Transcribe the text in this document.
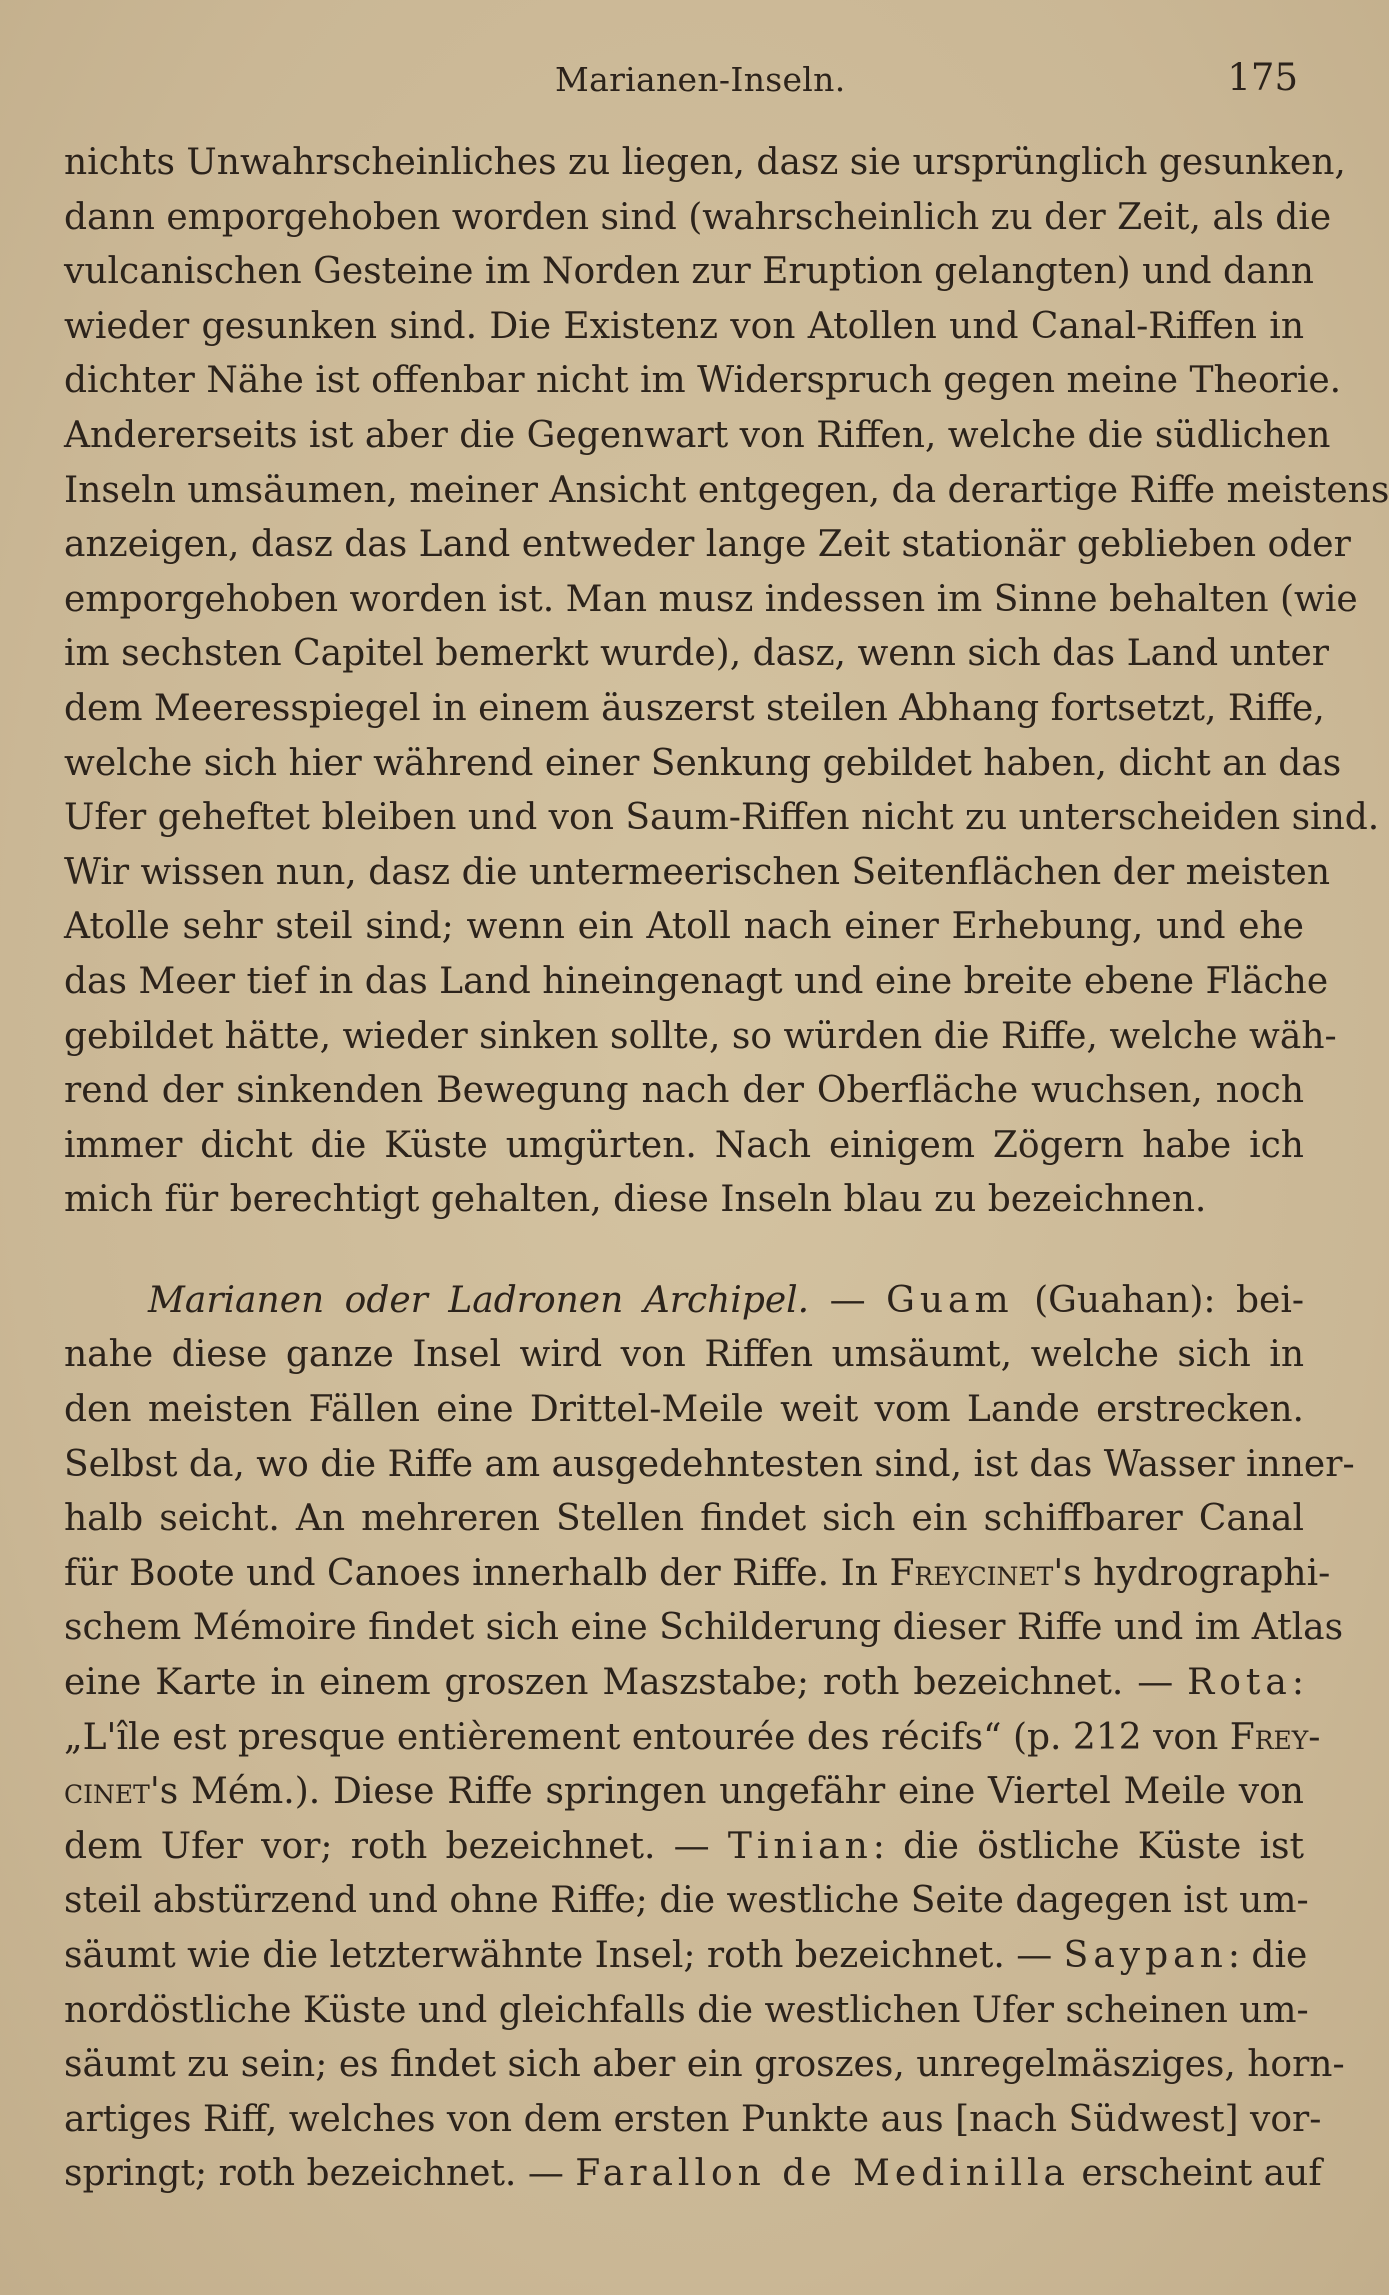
Marianen-Inseln.	175
nichts Unwahrscheinliches zu liegen, dasz sie ursprünglich gesunken,
dann emporgehoben worden sind (wahrscheinlich zu der Zeit, als die
vulcanischen Gesteine im Norden zur Eruption gelangten) und dann
wieder gesunken sind. Die Existenz von Atollen und Canal-Riffen in
dichter Nähe ist offenbar nicht im Widerspruch gegen meine Theorie.
Andererseits ist aber die Gegenwart von Riffen, welche die südlichen
Inseln umsäumen, meiner Ansicht entgegen, da derartige Riffe meistens
anzeigen, dasz das Land entweder lange Zeit stationär geblieben oder
emporgehoben worden ist. Man musz indessen im Sinne behalten (wie
im sechsten Capitel bemerkt wurde), dasz, wenn sich das Land unter
dem Meeresspiegel in einem äuszerst steilen Abhang fortsetzt, Riffe,
welche sich hier während einer Senkung gebildet haben, dicht an das
Ufer geheftet bleiben und von Saum-Riffen nicht zu unterscheiden sind.
Wir wissen nun, dasz die untermeerischen Seitenflächen der meisten
Atolle sehr steil sind; wenn ein Atoll nach einer Erhebung, und ehe
das Meer tief in das Land hineingenagt und eine breite ebene Fläche
gebildet hätte, wieder sinken sollte, so würden die Riffe, welche wäh-
rend der sinkenden Bewegung nach der Oberfläche wuchsen, noch
immer dicht die Küste umgürten. Nach einigem Zögern habe ich
mich für berechtigt gehalten, diese Inseln blau zu bezeichnen.
Marianen oder Ladronen Archipel. — Guam (Guahan): bei-
nahe diese ganze Insel wird von Riffen umsäumt, welche sich in
den meisten Fällen eine Drittel-Meile weit vom Lande erstrecken.
Selbst da, wo die Riffe am ausgedehntesten sind, ist das Wasser inner-
halb seicht. An mehreren Stellen findet sich ein schiffbarer Canal
für Boote und Canoes innerhalb der Riffe. In Freycinet's hydrographi-
schem Mémoire findet sich eine Schilderung dieser Riffe und im Atlas
eine Karte in einem groszen Maszstabe; roth bezeichnet. — Rota:
„L'île est presque entièrement entourée des récifs“ (p. 212 von Frey-
cinet's Mém.). Diese Riffe springen ungefähr eine Viertel Meile von
dem Ufer vor; roth bezeichnet. — Tinian: die östliche Küste ist
steil abstürzend und ohne Riffe; die westliche Seite dagegen ist um-
säumt wie die letzterwähnte Insel; roth bezeichnet. — Saypan: die
nordöstliche Küste und gleichfalls die westlichen Ufer scheinen um-
säumt zu sein; es findet sich aber ein groszes, unregelmäsziges, horn-
artiges Riff, welches von dem ersten Punkte aus [nach Südwest] vor-
springt; roth bezeichnet. — Farallon de Medinilla erscheint auf
